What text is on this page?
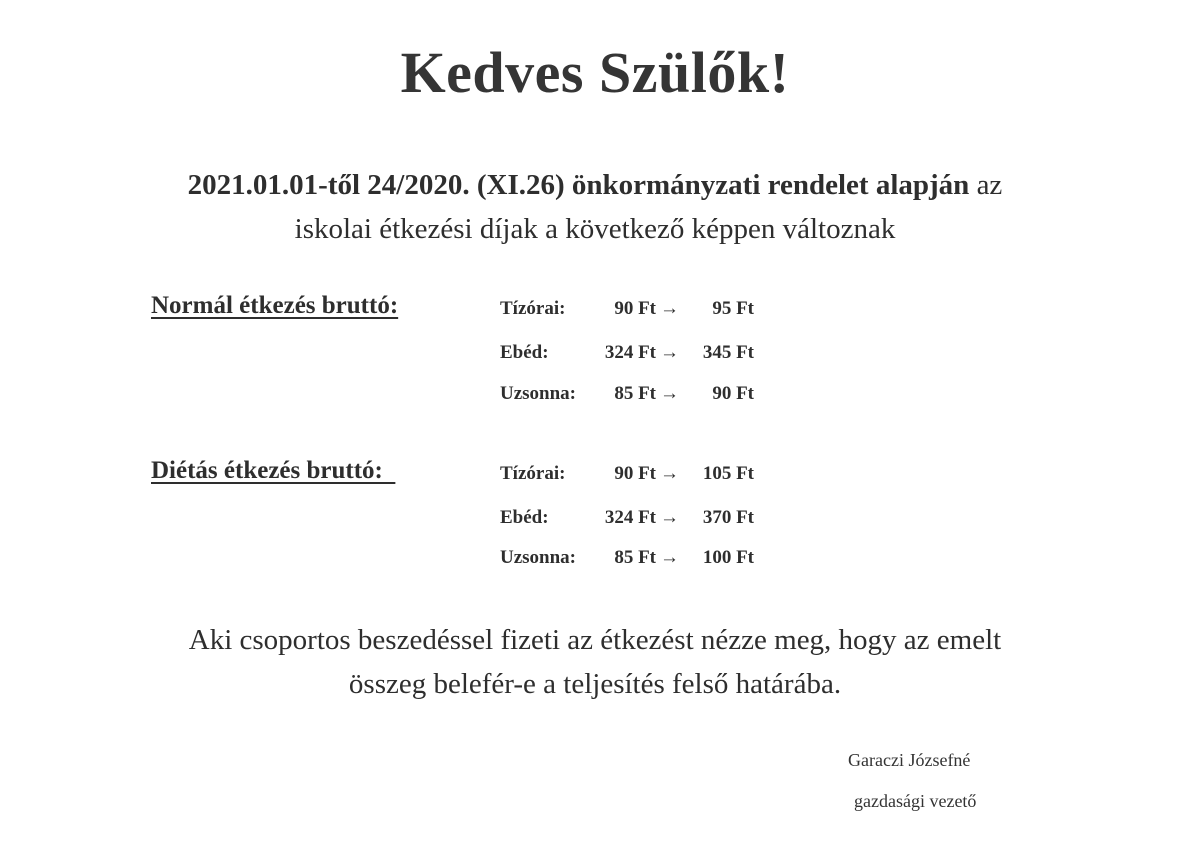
Kedves Szülők!
2021.01.01-től 24/2020. (XI.26) önkormányzati rendelet alapján az
iskolai étkezési díjak a következő képpen változnak
Normál étkezés bruttó:	Tízórai:	90 Ft →	95 Ft
Ebéd:	324 Ft →	345 Ft
Uzsonna:	85 Ft →	90 Ft
Diétás étkezés bruttó:	Tízórai:	90 Ft →	105 Ft
Ebéd:	324 Ft →	370 Ft
Uzsonna:	85 Ft →	100 Ft
Aki csoportos beszedéssel fizeti az étkezést nézze meg, hogy az emelt
összeg belefér-e a teljesítés felső határába.
Garaczi Józsefné
gazdasági vezető
